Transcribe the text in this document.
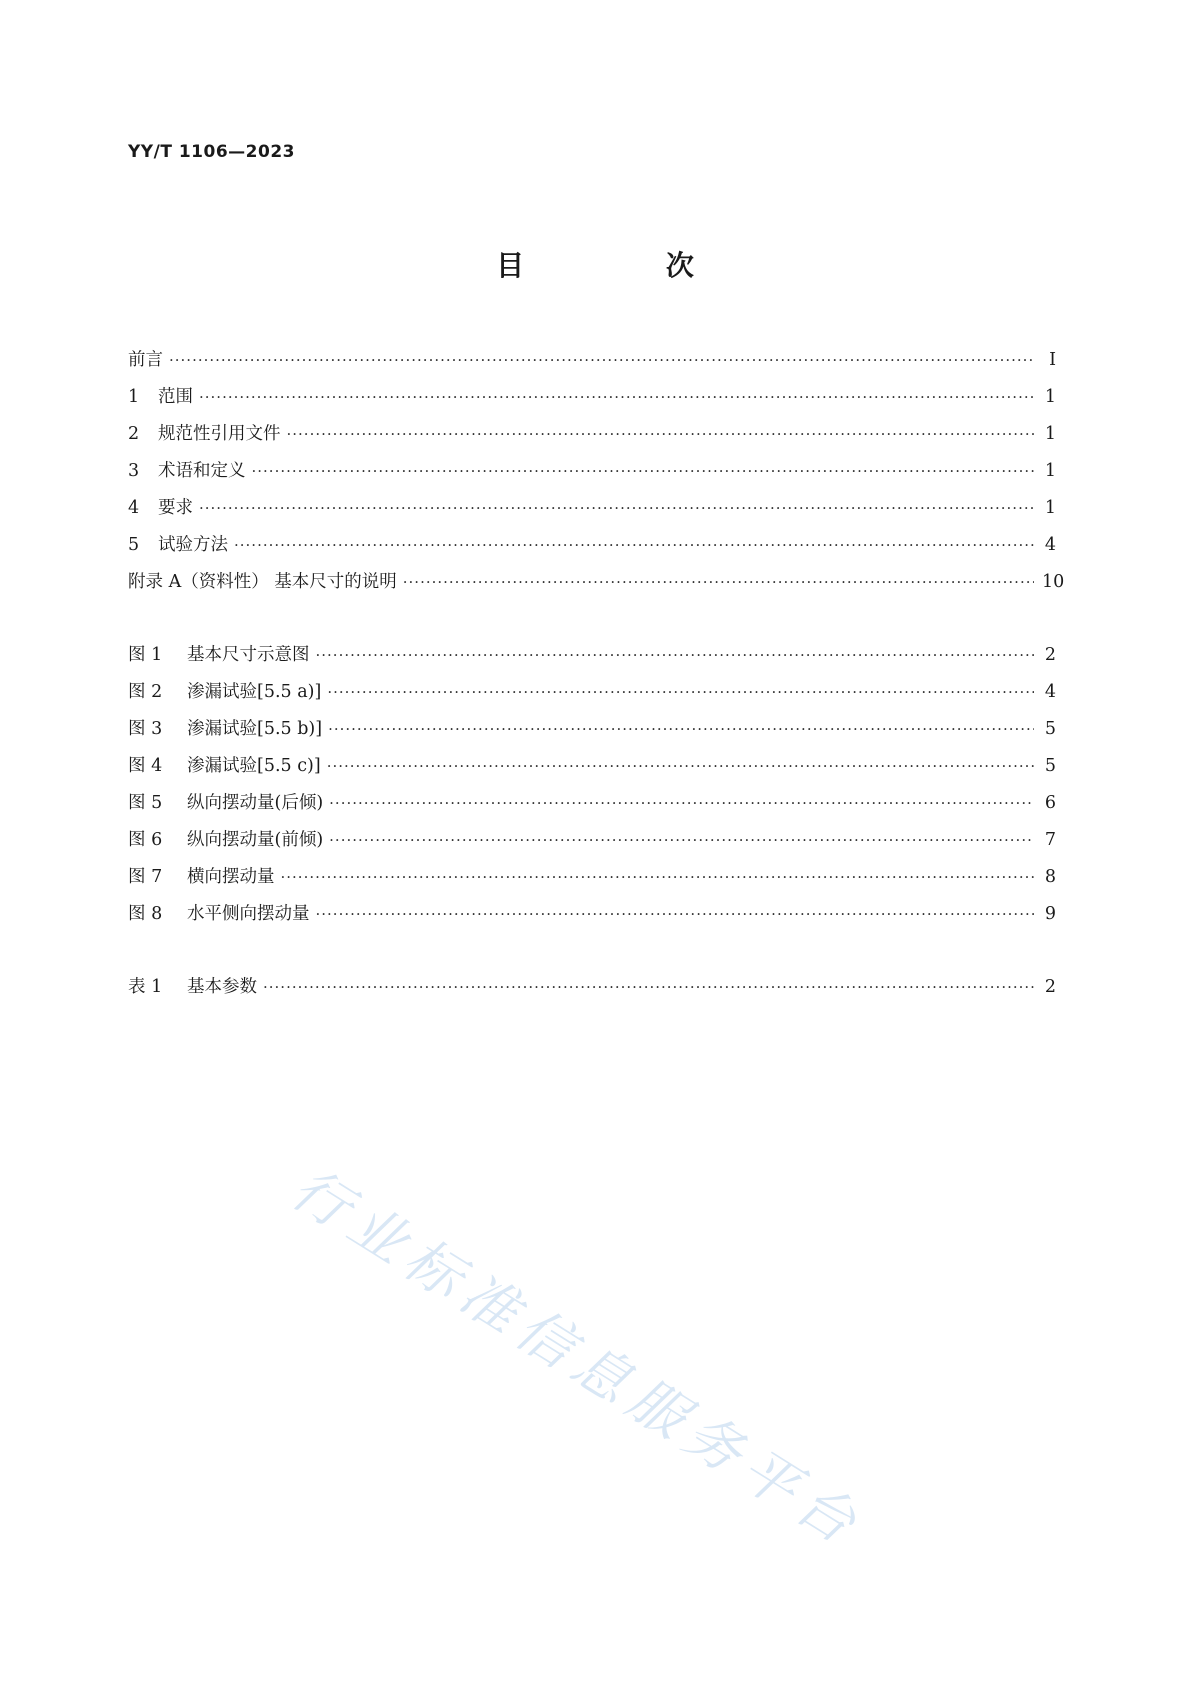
YY/T 1106—2023
目 次
前言 ·····	Ⅰ
1	范围 ·····	1
2	规范性引用文件 ·····	1
3	术语和定义 ·····	1
4	要求 ·····	1
5	试验方法 ·····	4
附录 A（资料性） 基本尺寸的说明 ·····	10
图 1	基本尺寸示意图 ·····	2
图 2	渗漏试验[5.5 a)] ·····	4
图 3	渗漏试验[5.5 b)] ·····	5
图 4	渗漏试验[5.5 c)] ·····	5
图 5	纵向摆动量(后倾) ·····	6
图 6	纵向摆动量(前倾) ·····	7
图 7	横向摆动量 ·····	8
图 8	水平侧向摆动量 ·····	9
表 1	基本参数 ·····	2
行业标准信息服务平台
